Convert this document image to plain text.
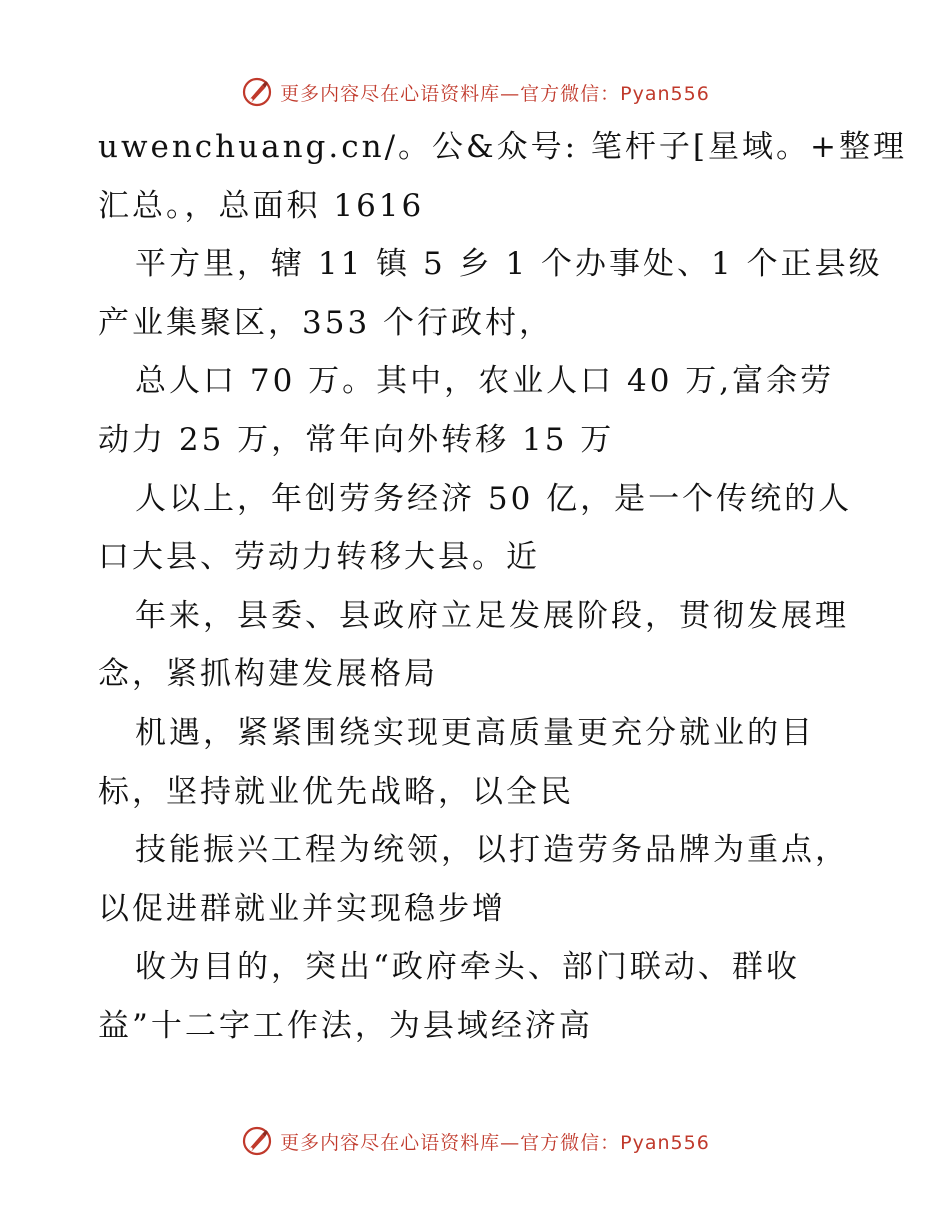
更多内容尽在心语资料库—官方微信：Pyan556
uwenchuang.cn/。公&众号: 笔杆子[星域。+整理
汇总。，总面积 1616
平方里，辖 11 镇 5 乡 1 个办事处、1 个正县级
产业集聚区，353 个行政村，
总人口 70 万。其中，农业人口 40 万,富余劳
动力 25 万，常年向外转移 15 万
人以上，年创劳务经济 50 亿，是一个传统的人
口大县、劳动力转移大县。近
年来，县委、县政府立足发展阶段，贯彻发展理
念，紧抓构建发展格局
机遇，紧紧围绕实现更高质量更充分就业的目
标，坚持就业优先战略，以全民
技能振兴工程为统领，以打造劳务品牌为重点，
以促进群就业并实现稳步增
收为目的，突出“政府牵头、部门联动、群收
益”十二字工作法，为县域经济高
更多内容尽在心语资料库—官方微信：Pyan556
